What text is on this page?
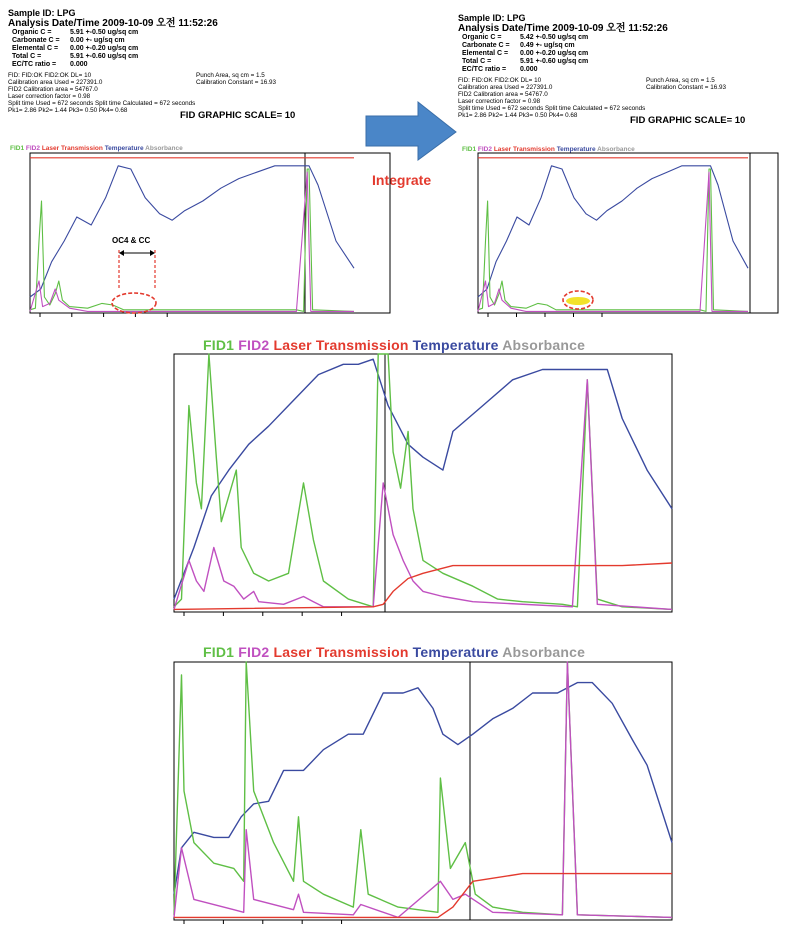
Sample ID: LPG
Analysis Date/Time 2009-10-09 오전 11:52:26
Organic C =	5.91 +-0.50 ug/sq cm
Carbonate C = 0.00 +- ug/sq cm
Elemental C = 0.00 +-0.20 ug/sq cm
Total C =	5.91 +-0.60 ug/sq cm
EC/TC ratio = 0.000
FID: FID:OK FID2:OK DL= 10	Punch Area, sq cm = 1.5
Calibration area Used = 227391.0	Calibration Constant = 16.93
FID2 Calibration area = 54767.0
Laser correction factor = 0.98
Split time Used = 672 seconds Split time Calculated = 672 seconds
Pk1= 2.86 Pk2= 1.44 Pk3= 0.50 Pk4= 0.68	FID GRAPHIC SCALE= 10
Sample ID: LPG
Analysis Date/Time 2009-10-09 오전 11:52:26
Organic C =	5.42 +-0.50 ug/sq cm
Carbonate C = 0.49 +- ug/sq cm
Elemental C = 0.00 +-0.20 ug/sq cm
Total C =	5.91 +-0.60 ug/sq cm
EC/TC ratio = 0.000
FID: FID:OK FID2:OK DL= 10	Punch Area, sq cm = 1.5
Calibration area Used = 227391.0	Calibration Constant = 16.93
FID2 Calibration area = 54767.0
Laser correction factor = 0.98
Split time Used = 672 seconds Split time Calculated = 672 seconds
Pk1= 2.86 Pk2= 1.44 Pk3= 0.50 Pk4= 0.68	FID GRAPHIC SCALE= 10
Integrate
FID1 FID2 Laser Transmission Temperature Absorbance	FID1 FID2 Laser Transmission Temperature Absorbance
FID1 FID2 Laser Transmission Temperature Absorbance
FID1 FID2 Laser Transmission Temperature Absorbance
OC4 & CC
